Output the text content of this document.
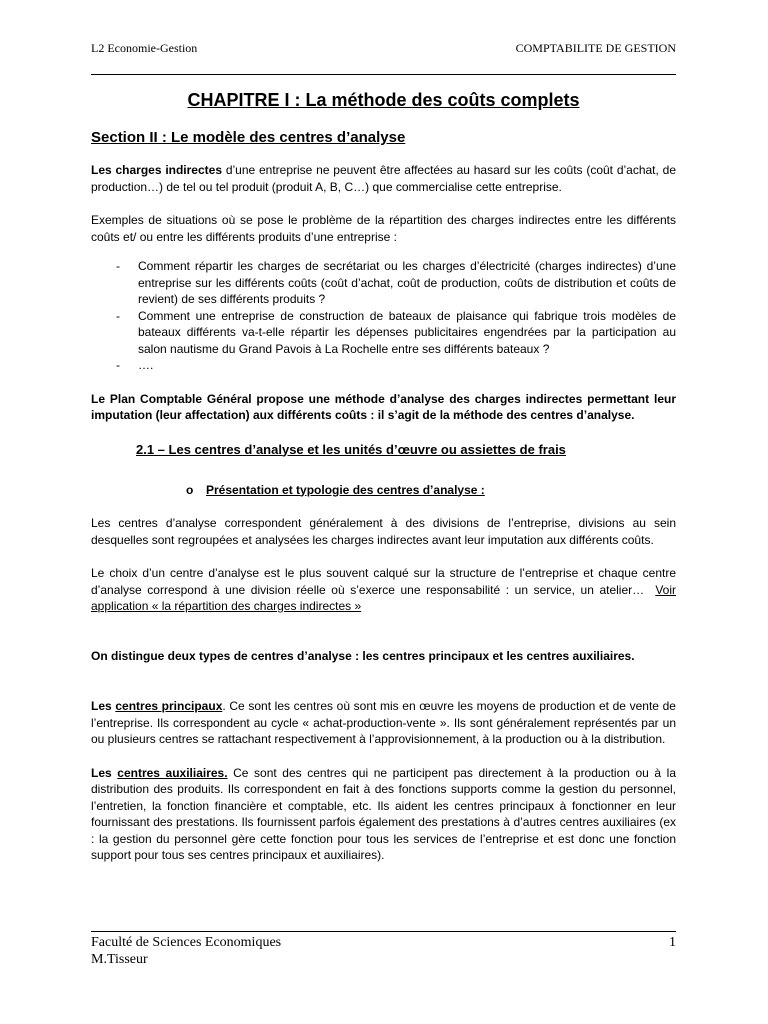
L2 Economie-Gestion	COMPTABILITE DE GESTION
CHAPITRE I : La méthode des coûts complets
Section II : Le modèle des centres d’analyse

Les charges indirectes d’une entreprise ne peuvent être affectées au hasard sur les coûts (coût d’achat, de production…) de tel ou tel produit (produit A, B, C…) que commercialise cette entreprise.

Exemples de situations où se pose le problème de la répartition des charges indirectes entre les différents coûts et/ ou entre les différents produits d’une entreprise :

- Comment répartir les charges de secrétariat ou les charges d’électricité (charges indirectes) d’une entreprise sur les différents coûts (coût d’achat, coût de production, coûts de distribution et coûts de revient) de ses différents produits ?
- Comment une entreprise de construction de bateaux de plaisance qui fabrique trois modèles de bateaux différents va-t-elle répartir les dépenses publicitaires engendrées par la participation au salon nautisme du Grand Pavois à La Rochelle entre ses différents bateaux ?
- ….

Le Plan Comptable Général propose une méthode d’analyse des charges indirectes permettant leur imputation (leur affectation) aux différents coûts : il s’agit de la méthode des centres d’analyse.

2.1 – Les centres d’analyse et les unités d’œuvre ou assiettes de frais
o Présentation et typologie des centres d’analyse :

Les centres d’analyse correspondent généralement à des divisions de l’entreprise, divisions au sein desquelles sont regroupées et analysées les charges indirectes avant leur imputation aux différents coûts.

Le choix d’un centre d’analyse est le plus souvent calqué sur la structure de l’entreprise et chaque centre d’analyse correspond à une division réelle où s’exerce une responsabilité : un service, un atelier… Voir application « la répartition des charges indirectes »

On distingue deux types de centres d’analyse : les centres principaux et les centres auxiliaires.

Les centres principaux. Ce sont les centres où sont mis en œuvre les moyens de production et de vente de l’entreprise. Ils correspondent au cycle « achat-production-vente ». Ils sont généralement représentés par un ou plusieurs centres se rattachant respectivement à l’approvisionnement, à la production ou à la distribution.

Les centres auxiliaires. Ce sont des centres qui ne participent pas directement à la production ou à la distribution des produits. Ils correspondent en fait à des fonctions supports comme la gestion du personnel, l’entretien, la fonction financière et comptable, etc. Ils aident les centres principaux à fonctionner en leur fournissant des prestations. Ils fournissent parfois également des prestations à d’autres centres auxiliaires (ex : la gestion du personnel gère cette fonction pour tous les services de l’entreprise et est donc une fonction support pour tous ses centres principaux et auxiliaires).

Faculté de Sciences Economiques	1
M.Tisseur
